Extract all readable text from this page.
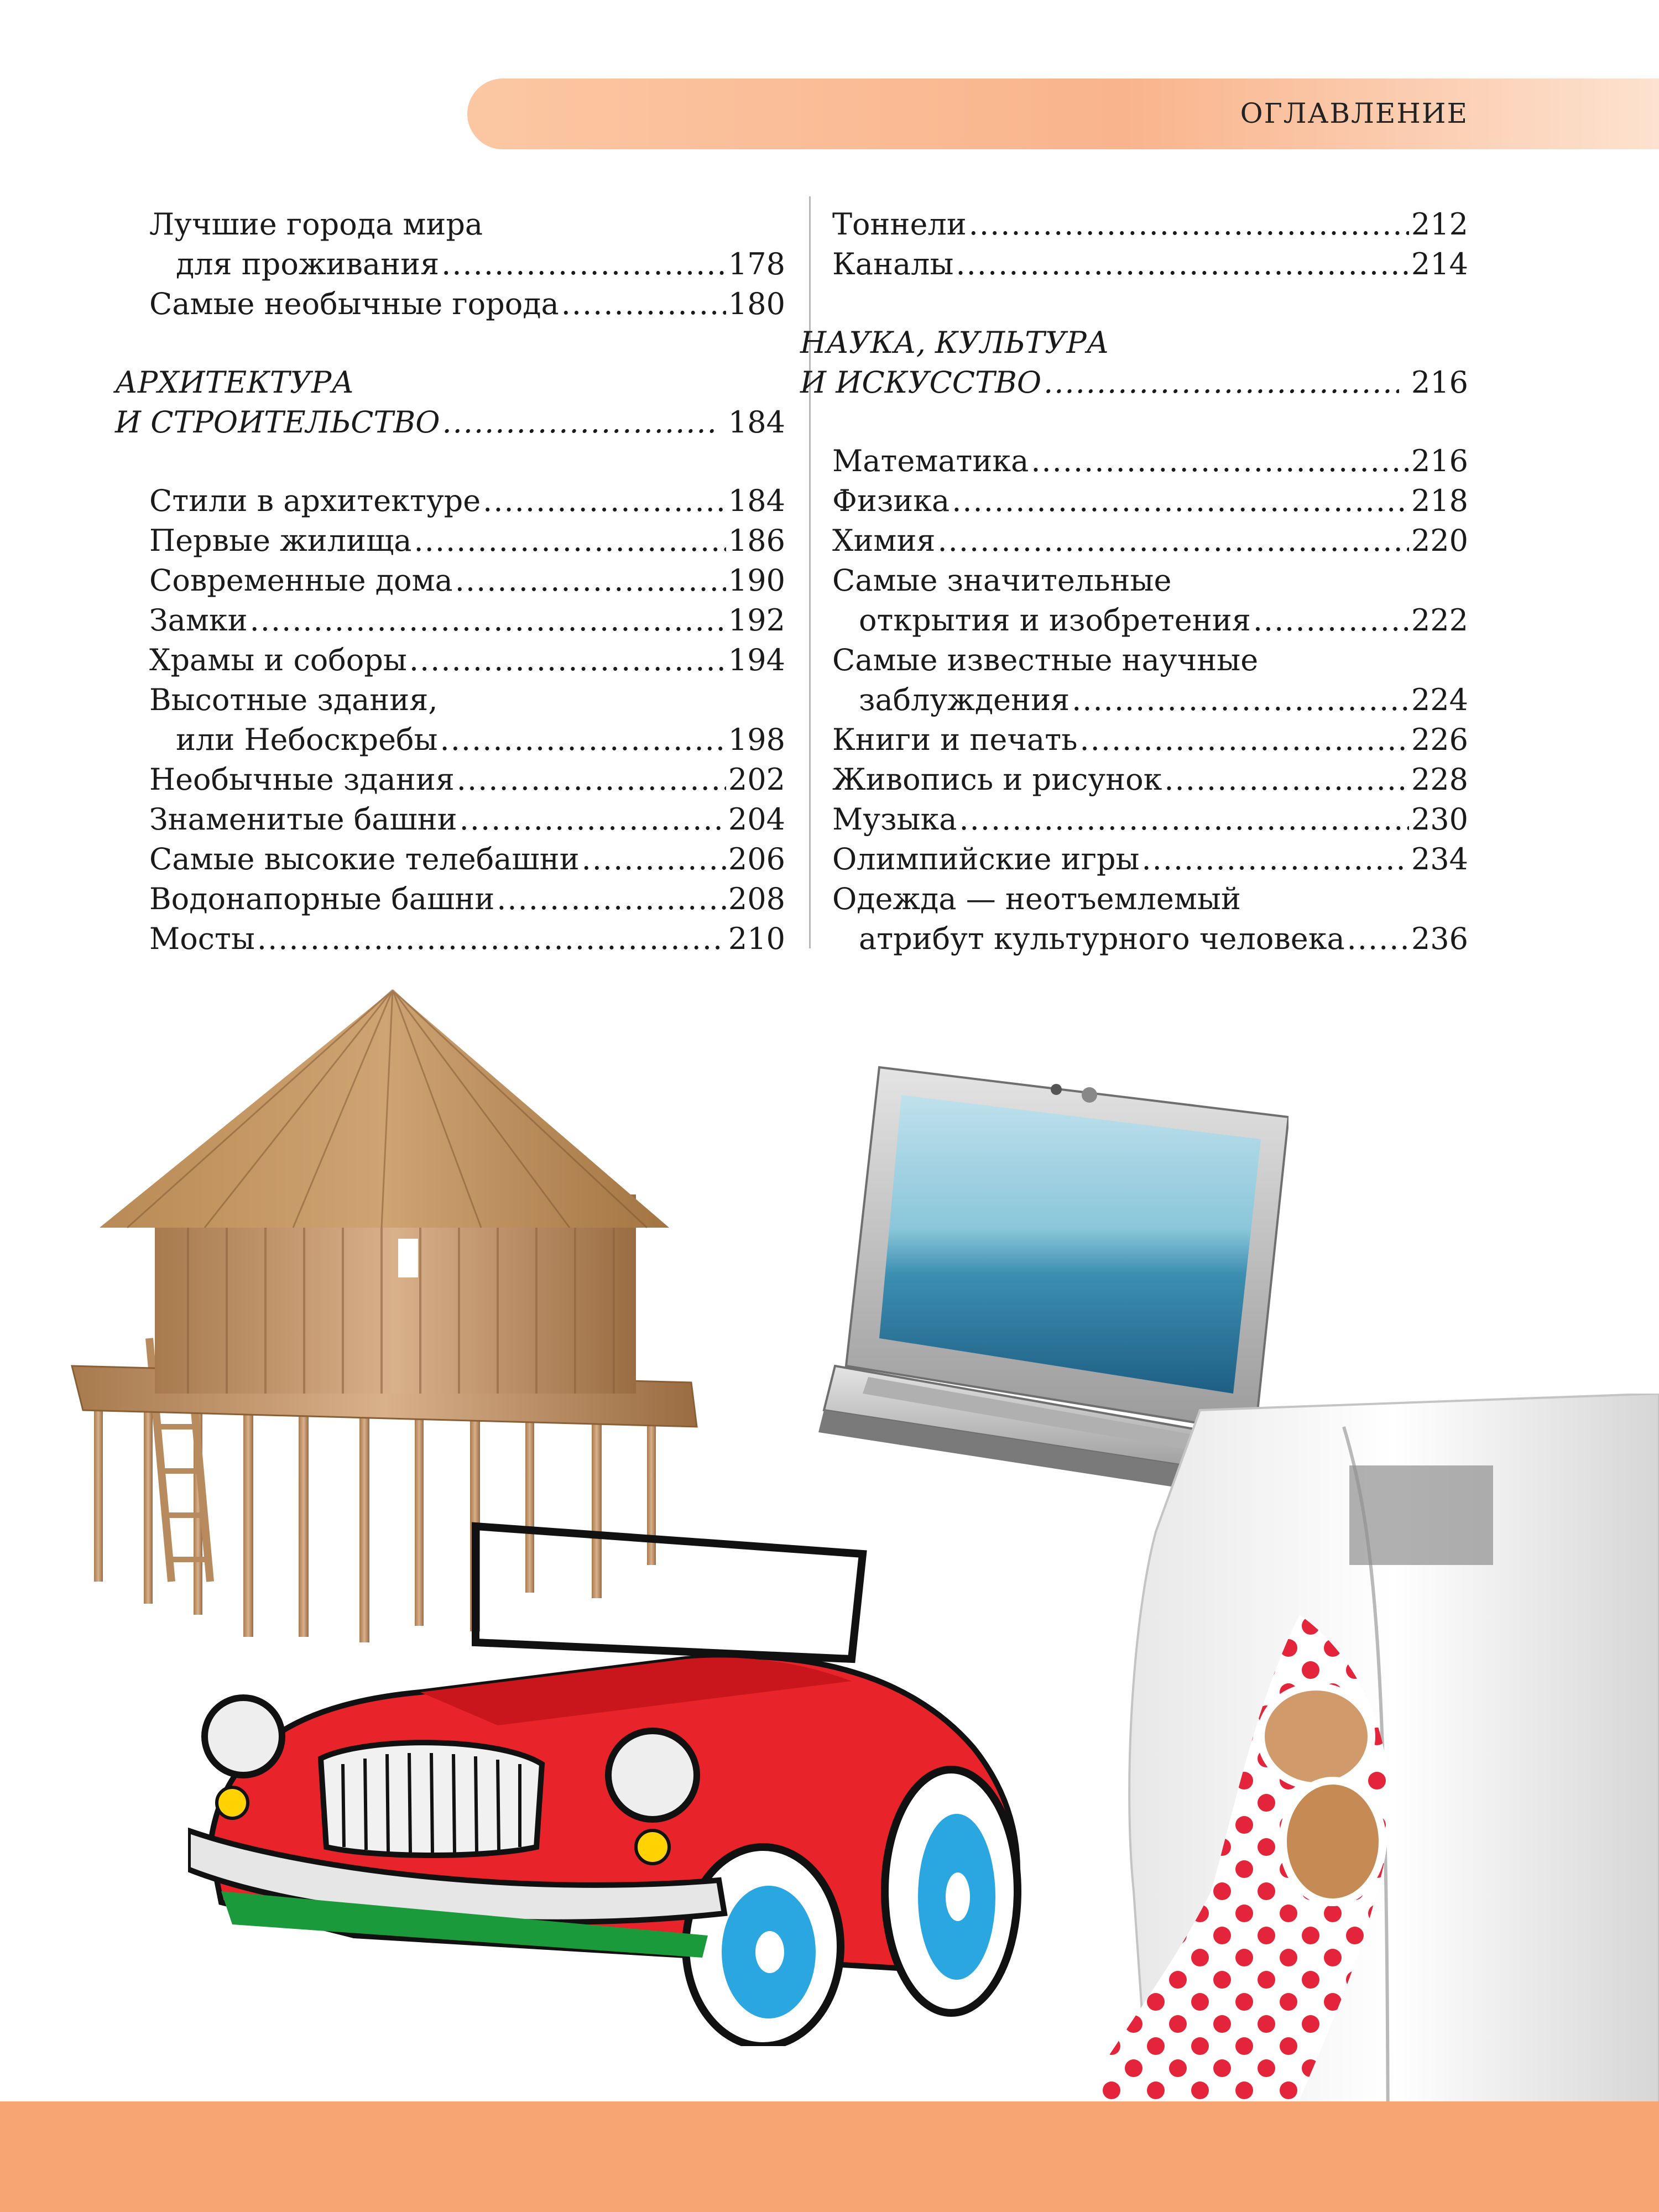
ОГЛАВЛЕНИЕ
Лучшие города мира
для проживания .....	178
Самые необычные города .....	180
АРХИТЕКТУРА
И СТРОИТЕЛЬСТВО .....	184
Стили в архитектуре .....	184
Первые жилища .....	186
Современные дома .....	190
Замки .....	192
Храмы и соборы .....	194
Высотные здания,
или Небоскребы .....	198
Необычные здания .....	202
Знаменитые башни .....	204
Самые высокие телебашни .....	206
Водонапорные башни .....	208
Мосты .....	210
Тоннели .....	212
Каналы .....	214
НАУКА, КУЛЬТУРА
И ИСКУССТВО .....	216
Математика .....	216
Физика .....	218
Химия .....	220
Самые значительные
открытия и изобретения .....	222
Самые известные научные
заблуждения .....	224
Книги и печать .....	226
Живопись и рисунок .....	228
Музыка .....	230
Олимпийские игры .....	234
Одежда — неотъемлемый
атрибут культурного человека ..... 236
